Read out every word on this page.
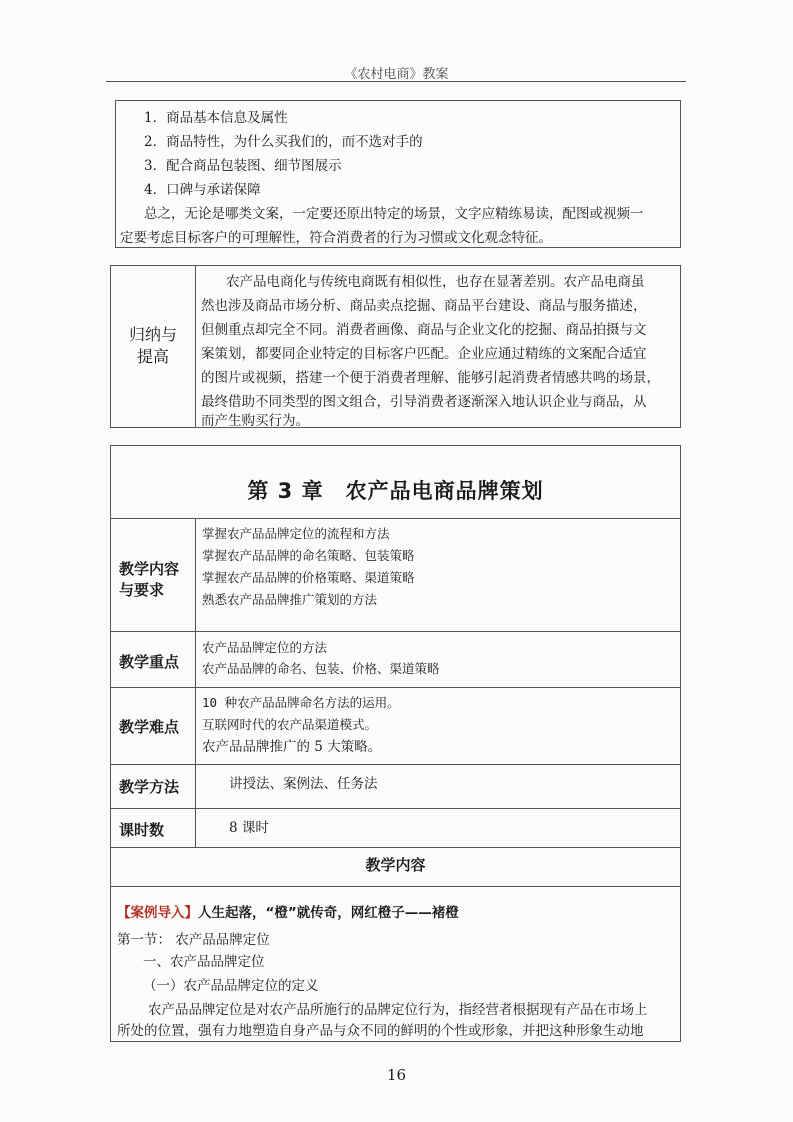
《农村电商》教案
1．商品基本信息及属性
2．商品特性，为什么买我们的，而不选对手的
3．配合商品包装图、细节图展示
4．口碑与承诺保障
总之，无论是哪类文案，一定要还原出特定的场景，文字应精练易读，配图或视频一
定要考虑目标客户的可理解性，符合消费者的行为习惯或文化观念特征。
归纳与
提高
农产品电商化与传统电商既有相似性，也存在显著差别。农产品电商虽
然也涉及商品市场分析、商品卖点挖掘、商品平台建设、商品与服务描述，
但侧重点却完全不同。消费者画像、商品与企业文化的挖掘、商品拍摄与文
案策划，都要同企业特定的目标客户匹配。企业应通过精练的文案配合适宜
的图片或视频，搭建一个便于消费者理解、能够引起消费者情感共鸣的场景，
最终借助不同类型的图文组合，引导消费者逐渐深入地认识企业与商品，从
而产生购买行为。
第 3 章　农产品电商品牌策划
教学内容
与要求
掌握农产品品牌定位的流程和方法
掌握农产品品牌的命名策略、包装策略
掌握农产品品牌的价格策略、渠道策略
熟悉农产品品牌推广策划的方法
教学重点
农产品品牌定位的方法
农产品品牌的命名、包装、价格、渠道策略
教学难点
10 种农产品品牌命名方法的运用。
互联网时代的农产品渠道模式。
农产品品牌推广的 5 大策略。
教学方法	讲授法、案例法、任务法
课时数	8 课时
教学内容
【案例导入】人生起落，“橙”就传奇，网红橙子——褚橙
第一节： 农产品品牌定位
一、农产品品牌定位
（一）农产品品牌定位的定义
农产品品牌定位是对农产品所施行的品牌定位行为，指经营者根据现有产品在市场上
所处的位置，强有力地塑造自身产品与众不同的鲜明的个性或形象，并把这种形象生动地
16
